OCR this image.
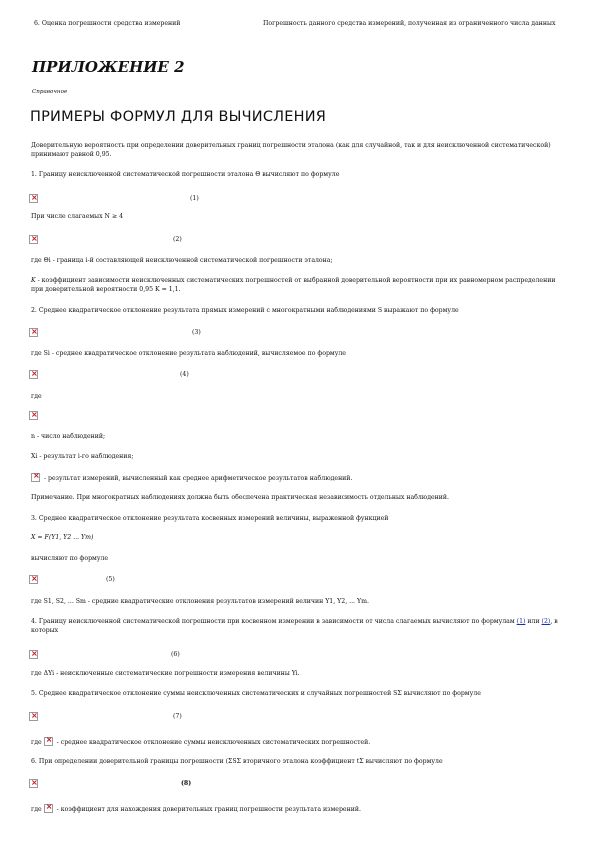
6. Оценка погрешности средства измерений	Погрешность данного средства измерений, полученная из ограниченного числа данных
ПРИЛОЖЕНИЕ 2
Справочное
ПРИМЕРЫ ФОРМУЛ ДЛЯ ВЫЧИСЛЕНИЯ
Доверительную вероятность при определении доверительных границ погрешности эталона (как для случайной, так и для неисключенной систематической) принимают равной 0,95.
1. Границу неисключенной систематической погрешности эталона Θ вычисляют по формуле
×
(1)
При числе слагаемых N ≥ 4
×
(2)
где Θi - граница i-й составляющей неисключенной систематической погрешности эталона;
K - коэффициент зависимости неисключенных систематических погрешностей от выбранной доверительной вероятности при их равномерном распределении при доверительной вероятности 0,95 K = 1,1.
2. Среднее квадратическое отклонение результата прямых измерений с многократными наблюдениями S выражают по формуле
×
(3)
где Si - среднее квадратическое отклонение результата наблюдений, вычисляемое по формуле
×
(4)
где
×
n - число наблюдений;
Xi - результат i-го наблюдения;
× - результат измерений, вычисленный как среднее арифметическое результатов наблюдений.
Примечание. При многократных наблюдениях должна быть обеспечена практическая независимость отдельных наблюдений.
3. Среднее квадратическое отклонение результата косвенных измерений величины, выраженной функцией
X = F(Y1, Y2 ... Ym)
вычисляют по формуле
×
(5)
где S1, S2, ... Sm - средние квадратические отклонения результатов измерений величин Y1, Y2, ... Ym.
4. Границу неисключенной систематической погрешности при косвенном измерении в зависимости от числа слагаемых вычисляют по формулам (1) или (2), в которых
×
(6)
где ΔYi - неисключенные систематические погрешности измерения величины Yi.
5. Среднее квадратическое отклонение суммы неисключенных систематических и случайных погрешностей SΣ вычисляют по формуле
×
(7)
где× - среднее квадратическое отклонение суммы неисключенных систематических погрешностей.
6. При определении доверительной границы погрешности (ΣSΣ вторичного эталона коэффициент tΣ вычисляют по формуле
×
(8)
где× - коэффициент для нахождения доверительных границ погрешности результата измерений.
